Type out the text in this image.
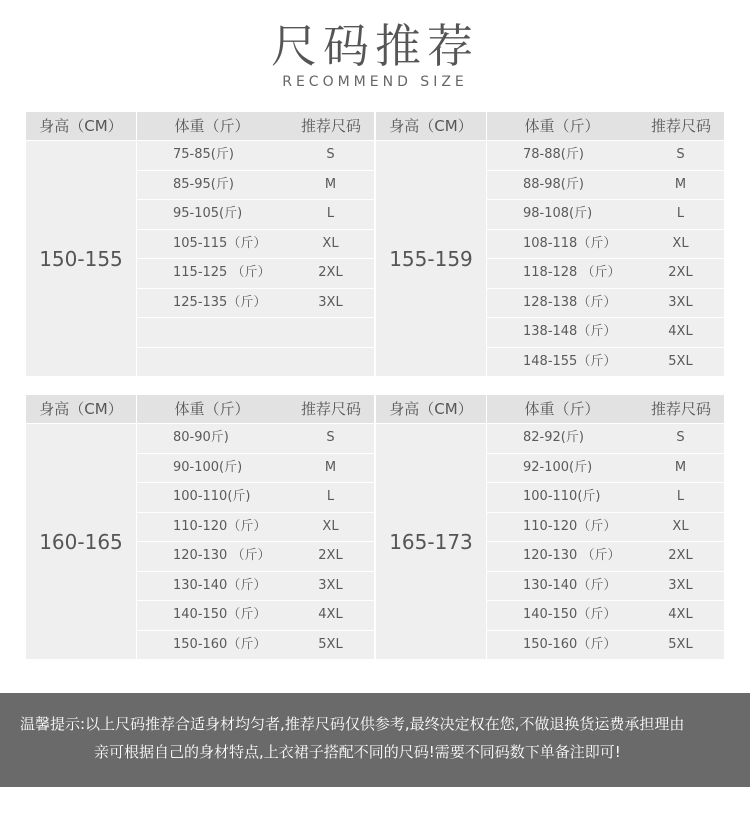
尺码推荐
RECOMMEND SIZE
身高（CM）	体重（斤）	推荐尺码
150-155
75-85(斤)	S
85-95(斤)	M
95-105(斤)	L
105-115（斤）	XL
115-125 （斤）	2XL
125-135（斤）	3XL
身高（CM）	体重（斤）	推荐尺码
155-159
78-88(斤)	S
88-98(斤)	M
98-108(斤)	L
108-118（斤）	XL
118-128 （斤）	2XL
128-138（斤）	3XL
138-148（斤）	4XL
148-155（斤）	5XL
身高（CM）	体重（斤）	推荐尺码
160-165
80-90斤)	S
90-100(斤)	M
100-110(斤)	L
110-120（斤）	XL
120-130 （斤）	2XL
130-140（斤）	3XL
140-150（斤）	4XL
150-160（斤）	5XL
身高（CM）	体重（斤）	推荐尺码
165-173
82-92(斤)	S
92-100(斤)	M
100-110(斤)	L
110-120（斤）	XL
120-130 （斤）	2XL
130-140（斤）	3XL
140-150（斤）	4XL
150-160（斤）	5XL
温馨提示:以上尺码推荐合适身材均匀者,推荐尺码仅供参考,最终决定权在您,不做退换货运费承担理由
亲可根据自己的身材特点,上衣裙子搭配不同的尺码!需要不同码数下单备注即可!
